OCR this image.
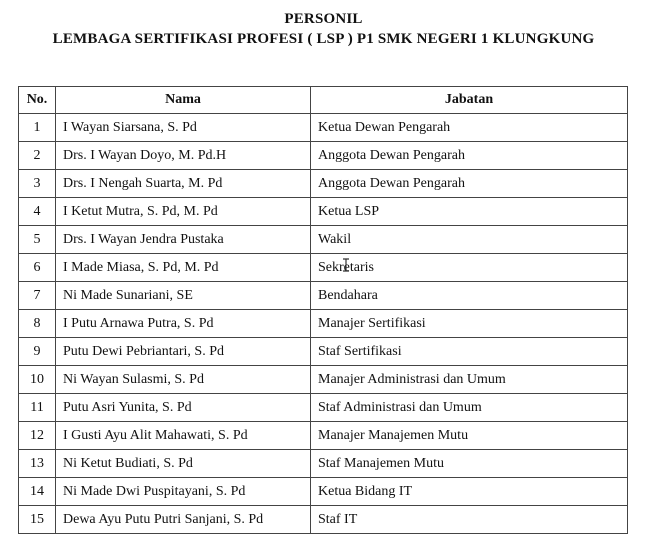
PERSONIL
LEMBAGA SERTIFIKASI PROFESI ( LSP ) P1 SMK NEGERI 1 KLUNGKUNG
No.	Nama	Jabatan
1	I Wayan Siarsana, S. Pd	Ketua Dewan Pengarah
2	Drs. I Wayan Doyo, M. Pd.H	Anggota Dewan Pengarah
3	Drs. I Nengah Suarta, M. Pd	Anggota Dewan Pengarah
4	I Ketut Mutra, S. Pd, M. Pd	Ketua LSP
5	Drs. I Wayan Jendra Pustaka	Wakil
6	I Made Miasa, S. Pd, M. Pd	Sekretaris
7	Ni Made Sunariani, SE	Bendahara
8	I Putu Arnawa Putra, S. Pd	Manajer Sertifikasi
9	Putu Dewi Pebriantari, S. Pd	Staf Sertifikasi
10	Ni Wayan Sulasmi, S. Pd	Manajer Administrasi dan Umum
11	Putu Asri Yunita, S. Pd	Staf Administrasi dan Umum
12	I Gusti Ayu Alit Mahawati, S. Pd	Manajer Manajemen Mutu
13	Ni Ketut Budiati, S. Pd	Staf Manajemen Mutu
14	Ni Made Dwi Puspitayani, S. Pd	Ketua Bidang IT
15	Dewa Ayu Putu Putri Sanjani, S. Pd	Staf IT
